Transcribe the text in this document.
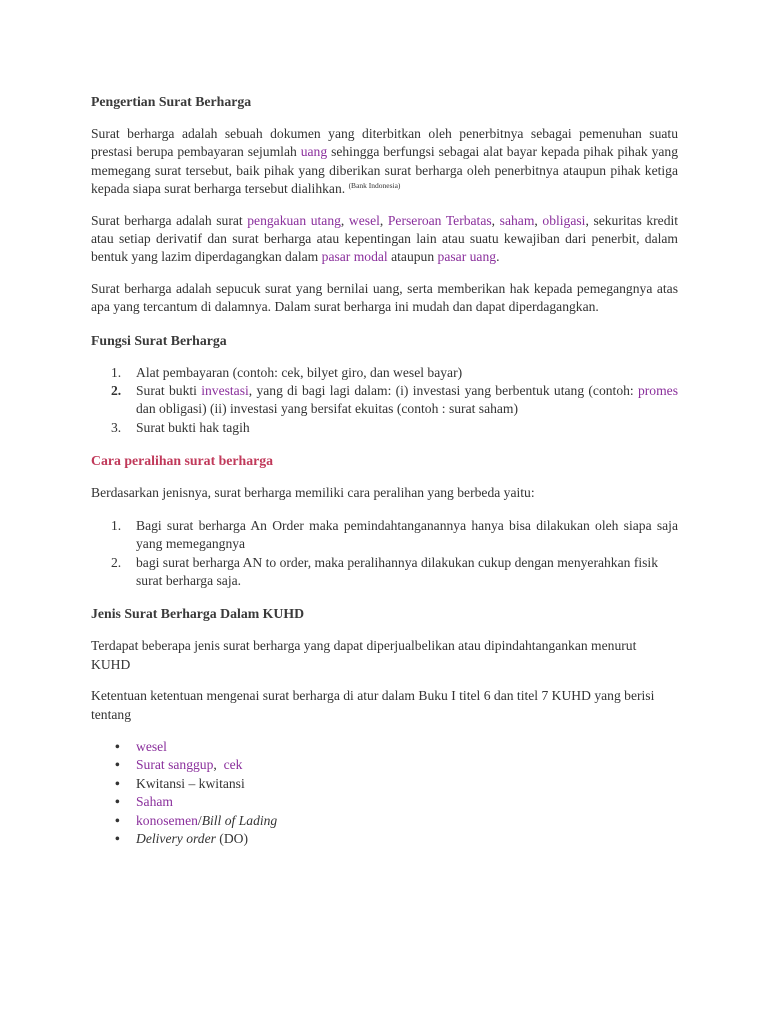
Pengertian Surat Berharga

Surat berharga adalah sebuah dokumen yang diterbitkan oleh penerbitnya sebagai pemenuhan suatu prestasi berupa pembayaran sejumlah uang sehingga berfungsi sebagai alat bayar kepada pihak pihak yang memegang surat tersebut, baik pihak yang diberikan surat berharga oleh penerbitnya ataupun pihak ketiga kepada siapa surat berharga tersebut dialihkan. $^{(Bank Indonesia)}$

Surat berharga adalah surat pengakuan utang, wesel, Perseroan Terbatas, saham, obligasi, sekuritas kredit atau setiap derivatif dan surat berharga atau kepentingan lain atau suatu kewajiban dari penerbit, dalam bentuk yang lazim diperdagangkan dalam pasar modal ataupun pasar uang.

Surat berharga adalah sepucuk surat yang bernilai uang, serta memberikan hak kepada pemegangnya atas apa yang tercantum di dalamnya. Dalam surat berharga ini mudah dan dapat diperdagangkan.

Fungsi Surat Berharga
1.	Alat pembayaran (contoh: cek, bilyet giro, dan wesel bayar)
2.	Surat bukti investasi, yang di bagi lagi dalam: (i) investasi yang berbentuk utang (contoh: promes dan obligasi) (ii) investasi yang bersifat ekuitas (contoh : surat saham)
3.	Surat bukti hak tagih
Cara peralihan surat berharga

Berdasarkan jenisnya, surat berharga memiliki cara peralihan yang berbeda yaitu:

1.	Bagi surat berharga An Order maka pemindahtanganannya hanya bisa dilakukan oleh siapa saja yang memegangnya
2.	bagi surat berharga AN to order, maka peralihannya dilakukan cukup dengan menyerahkan fisik surat berharga saja.
Jenis Surat Berharga Dalam KUHD

Terdapat beberapa jenis surat berharga yang dapat diperjualbelikan atau dipindahtangankan menurut KUHD

Ketentuan ketentuan mengenai surat berharga di atur dalam Buku I titel 6 dan titel 7 KUHD yang berisi tentang

•	wesel
•	Surat sanggup,  cek
•	Kwitansi – kwitansi
•	Saham
•	konosemen/Bill of Lading
•	Delivery order (DO)
